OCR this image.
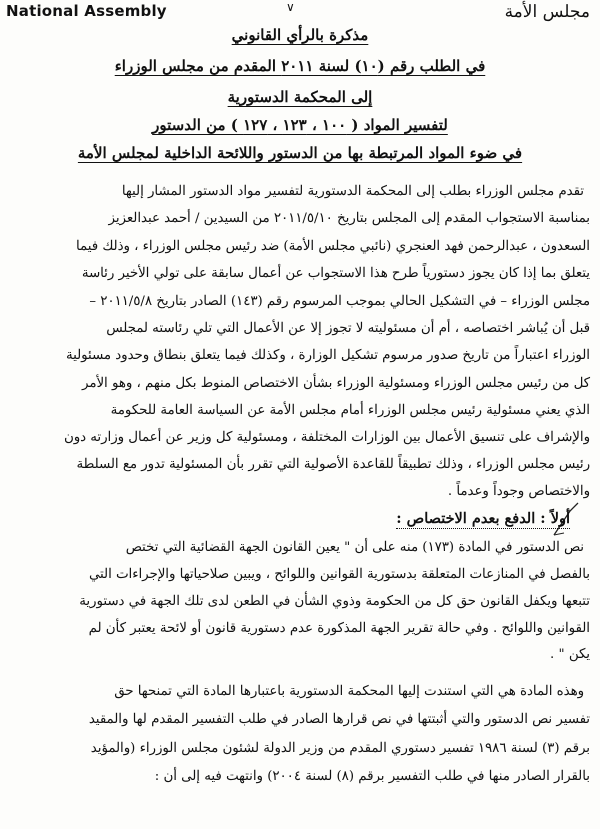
National Assembly	∨	مجلس الأمة
مذكرة بالرأي القانوني
في الطلب رقم (١٠) لسنة ٢٠١١ المقدم من مجلس الوزراء
إلى المحكمة الدستورية
لتفسير المواد ( ١٠٠ ، ١٢٣ ، ١٢٧ ) من الدستور
في ضوء المواد المرتبطة بها من الدستور واللائحة الداخلية لمجلس الأمة
تقدم مجلس الوزراء بطلب إلى المحكمة الدستورية لتفسير مواد الدستور المشار إليها
بمناسبة الاستجواب المقدم إلى المجلس بتاريخ ٢٠١١/٥/١٠ من السيدين / أحمد عبدالعزيز
السعدون ، عبدالرحمن فهد العنجري (نائبي مجلس الأمة) ضد رئيس مجلس الوزراء ، وذلك فيما
يتعلق بما إذا كان يجوز دستورياً طرح هذا الاستجواب عن أعمال سابقة على تولي الأخير رئاسة
مجلس الوزراء – في التشكيل الحالي بموجب المرسوم رقم (١٤٣) الصادر بتاريخ ٢٠١١/٥/٨ –
قبل أن يُباشر اختصاصه ، أم أن مسئوليته لا تجوز إلا عن الأعمال التي تلي رئاسته لمجلس
الوزراء اعتباراً من تاريخ صدور مرسوم تشكيل الوزارة ، وكذلك فيما يتعلق بنطاق وحدود مسئولية
كل من رئيس مجلس الوزراء ومسئولية الوزراء بشأن الاختصاص المنوط بكل منهم ، وهو الأمر
الذي يعني مسئولية رئيس مجلس الوزراء أمام مجلس الأمة عن السياسة العامة للحكومة
والإشراف على تنسيق الأعمال بين الوزارات المختلفة ، ومسئولية كل وزير عن أعمال وزارته دون
رئيس مجلس الوزراء ، وذلك تطبيقاً للقاعدة الأصولية التي تقرر بأن المسئولية تدور مع السلطة
والاختصاص وجوداً وعدماً .
أولاً : الدفع بعدم الاختصاص :
نص الدستور في المادة (١٧٣) منه على أن " يعين القانون الجهة القضائية التي تختص
بالفصل في المنازعات المتعلقة بدستورية القوانين واللوائح ، ويبين صلاحياتها والإجراءات التي
تتبعها ويكفل القانون حق كل من الحكومة وذوي الشأن في الطعن لدى تلك الجهة في دستورية
القوانين واللوائح . وفي حالة تقرير الجهة المذكورة عدم دستورية قانون أو لائحة يعتبر كأن لم
يكن " .
وهذه المادة هي التي استندت إليها المحكمة الدستورية باعتبارها المادة التي تمنحها حق
تفسير نص الدستور والتي أثبتتها في نص قرارها الصادر في طلب التفسير المقدم لها والمقيد
برقم (٣) لسنة ١٩٨٦ تفسير دستوري المقدم من وزير الدولة لشئون مجلس الوزراء (والمؤيد
بالقرار الصادر منها في طلب التفسير برقم (٨) لسنة ٢٠٠٤) وانتهت فيه إلى أن :
